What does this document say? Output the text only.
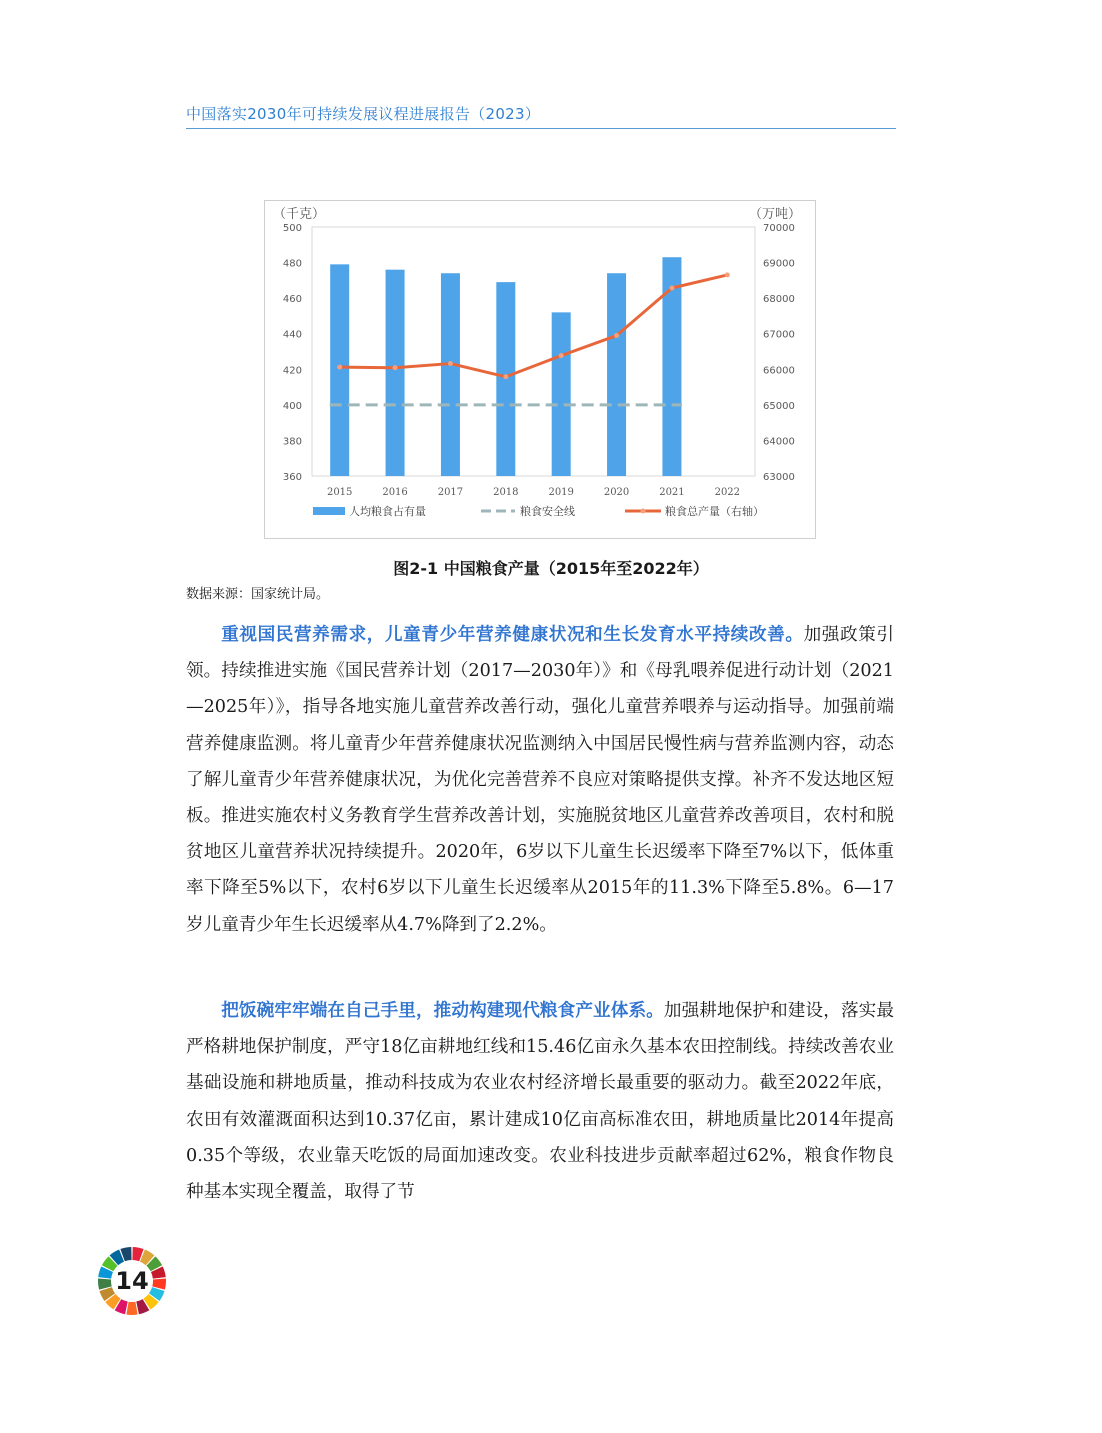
中国落实2030年可持续发展议程进展报告（2023）
（千克）	（万吨）
360
380
400
420
440
460
480
500
63000
64000
65000
66000
67000
68000
69000
70000
2015	2016	2017	2018	2019	2020	2021	2022
人均粮食占有量	粮食安全线	粮食总产量（右轴）
图2-1 中国粮食产量（2015年至2022年）
数据来源：国家统计局。

重视国民营养需求，儿童青少年营养健康状况和生长发育水平持续改善。加强政策引领。持续推进实施《国民营养计划（2017—2030年）》和《母乳喂养促进行动计划（2021—2025年）》，指导各地实施儿童营养改善行动，强化儿童营养喂养与运动指导。加强前端营养健康监测。将儿童青少年营养健康状况监测纳入中国居民慢性病与营养监测内容，动态了解儿童青少年营养健康状况，为优化完善营养不良应对策略提供支撑。补齐不发达地区短板。推进实施农村义务教育学生营养改善计划，实施脱贫地区儿童营养改善项目，农村和脱贫地区儿童营养状况持续提升。2020年，6岁以下儿童生长迟缓率下降至7%以下，低体重率下降至5%以下，农村6岁以下儿童生长迟缓率从2015年的11.3%下降至5.8%。6—17岁儿童青少年生长迟缓率从4.7%降到了2.2%。

把饭碗牢牢端在自己手里，推动构建现代粮食产业体系。加强耕地保护和建设，落实最严格耕地保护制度，严守18亿亩耕地红线和15.46亿亩永久基本农田控制线。持续改善农业基础设施和耕地质量，推动科技成为农业农村经济增长最重要的驱动力。截至2022年底，农田有效灌溉面积达到10.37亿亩，累计建成10亿亩高标准农田，耕地质量比2014年提高0.35个等级，农业靠天吃饭的局面加速改变。农业科技进步贡献率超过62%，粮食作物良种基本实现全覆盖，取得了节

14
